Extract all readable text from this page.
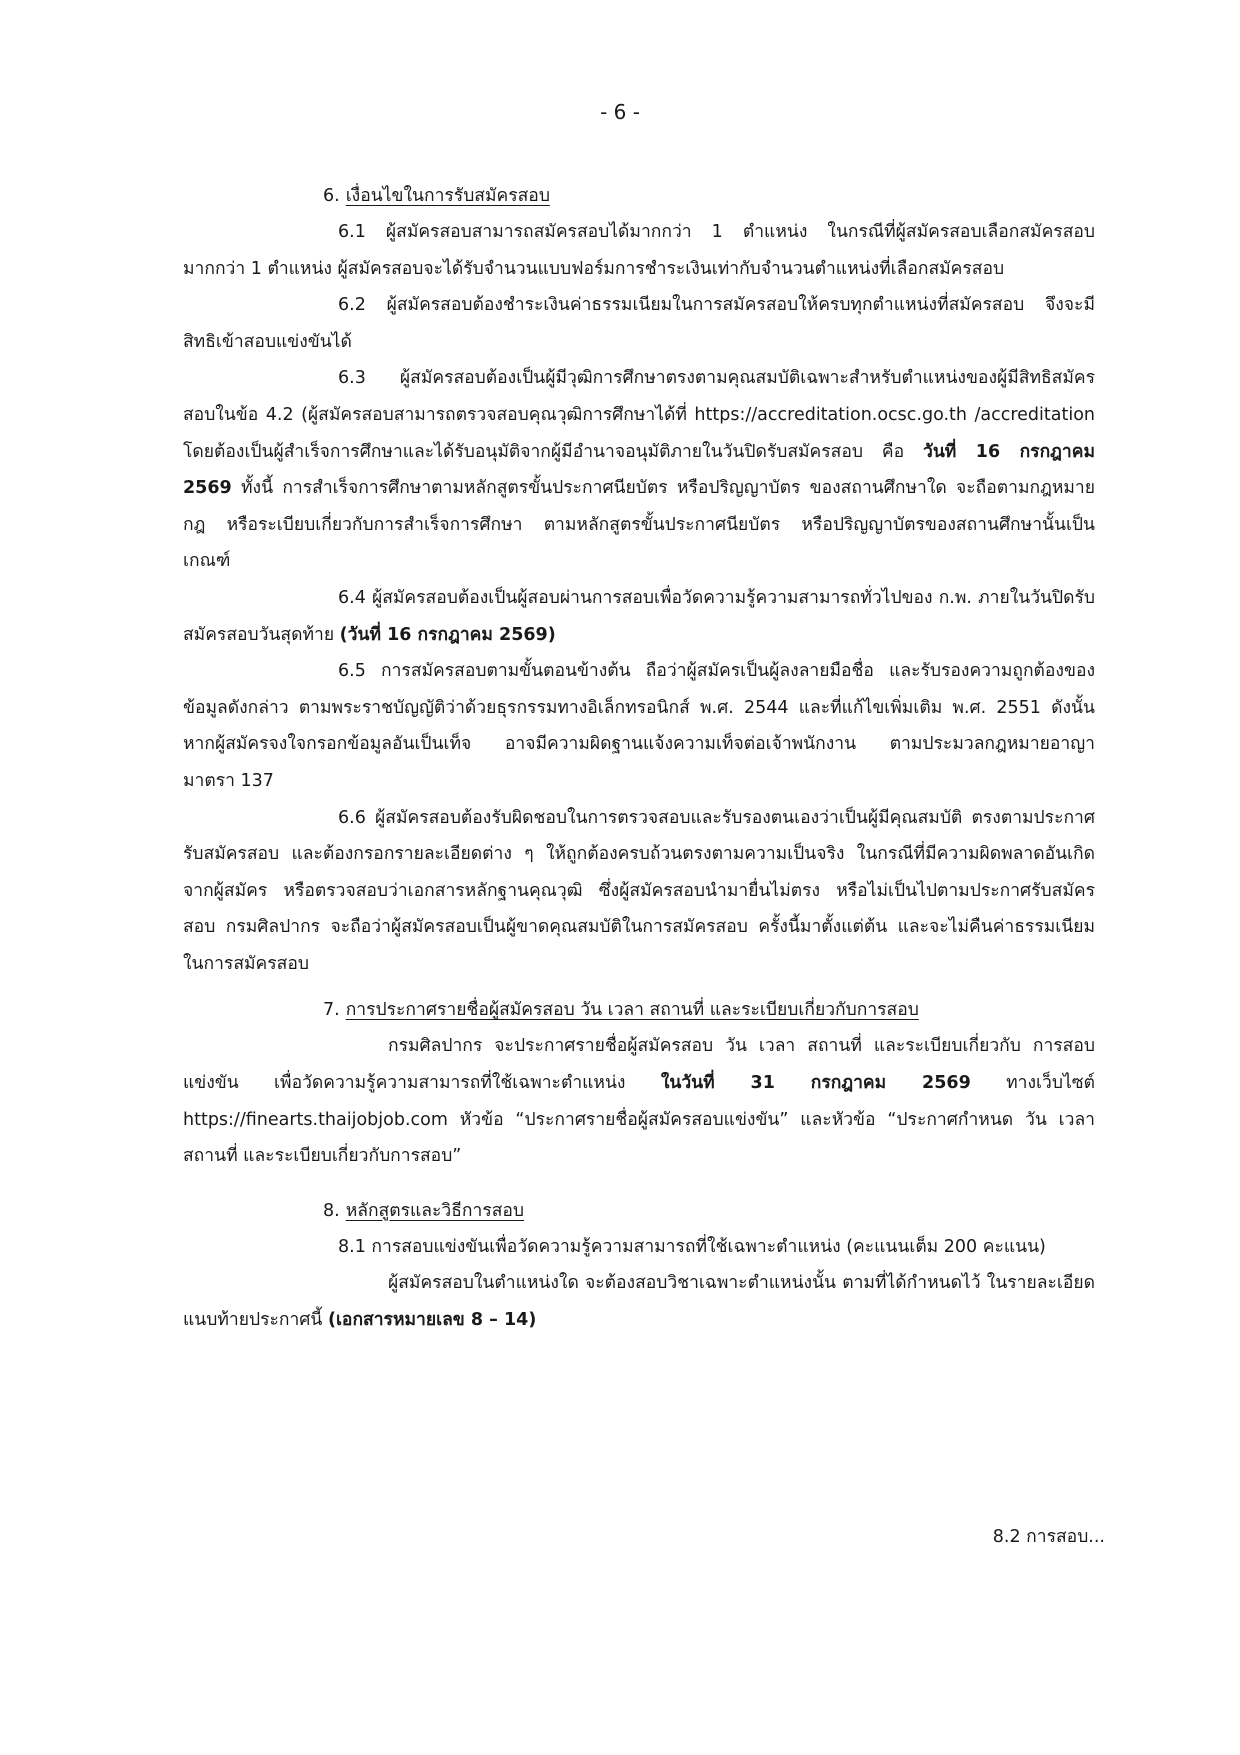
- 6 -
6. เงื่อนไขในการรับสมัครสอบ

6.1 ผู้สมัครสอบสามารถสมัครสอบได้มากกว่า 1 ตำแหน่ง ในกรณีที่ผู้สมัครสอบเลือกสมัครสอบมากกว่า 1 ตำแหน่ง ผู้สมัครสอบจะได้รับจำนวนแบบฟอร์มการชำระเงินเท่ากับจำนวนตำแหน่งที่เลือกสมัครสอบ

6.2 ผู้สมัครสอบต้องชำระเงินค่าธรรมเนียมในการสมัครสอบให้ครบทุกตำแหน่งที่สมัครสอบ จึงจะมีสิทธิเข้าสอบแข่งขันได้

6.3 ผู้สมัครสอบต้องเป็นผู้มีวุฒิการศึกษาตรงตามคุณสมบัติเฉพาะสำหรับตำแหน่งของผู้มีสิทธิสมัครสอบในข้อ 4.2 (ผู้สมัครสอบสามารถตรวจสอบคุณวุฒิการศึกษาได้ที่ https://accreditation.ocsc.go.th /accreditation โดยต้องเป็นผู้สำเร็จการศึกษาและได้รับอนุมัติจากผู้มีอำนาจอนุมัติภายในวันปิดรับสมัครสอบ คือ วันที่ 16 กรกฎาคม 2569 ทั้งนี้ การสำเร็จการศึกษาตามหลักสูตรขั้นประกาศนียบัตร หรือปริญญาบัตร ของสถานศึกษาใด จะถือตามกฎหมาย กฎ หรือระเบียบเกี่ยวกับการสำเร็จการศึกษา ตามหลักสูตรขั้นประกาศนียบัตร หรือปริญญาบัตรของสถานศึกษานั้นเป็นเกณฑ์

6.4 ผู้สมัครสอบต้องเป็นผู้สอบผ่านการสอบเพื่อวัดความรู้ความสามารถทั่วไปของ ก.พ. ภายในวันปิดรับสมัครสอบวันสุดท้าย (วันที่ 16 กรกฎาคม 2569)

6.5 การสมัครสอบตามขั้นตอนข้างต้น ถือว่าผู้สมัครเป็นผู้ลงลายมือชื่อ และรับรองความถูกต้องของข้อมูลดังกล่าว ตามพระราชบัญญัติว่าด้วยธุรกรรมทางอิเล็กทรอนิกส์ พ.ศ. 2544 และที่แก้ไขเพิ่มเติม พ.ศ. 2551 ดังนั้น หากผู้สมัครจงใจกรอกข้อมูลอันเป็นเท็จ อาจมีความผิดฐานแจ้งความเท็จต่อเจ้าพนักงาน ตามประมวลกฎหมายอาญา มาตรา 137

6.6 ผู้สมัครสอบต้องรับผิดชอบในการตรวจสอบและรับรองตนเองว่าเป็นผู้มีคุณสมบัติ ตรงตามประกาศรับสมัครสอบ และต้องกรอกรายละเอียดต่าง ๆ ให้ถูกต้องครบถ้วนตรงตามความเป็นจริง ในกรณีที่มีความผิดพลาดอันเกิดจากผู้สมัคร หรือตรวจสอบว่าเอกสารหลักฐานคุณวุฒิ ซึ่งผู้สมัครสอบนำมายื่นไม่ตรง หรือไม่เป็นไปตามประกาศรับสมัครสอบ กรมศิลปากร จะถือว่าผู้สมัครสอบเป็นผู้ขาดคุณสมบัติในการสมัครสอบ ครั้งนี้มาตั้งแต่ต้น และจะไม่คืนค่าธรรมเนียมในการสมัครสอบ

7. การประกาศรายชื่อผู้สมัครสอบ วัน เวลา สถานที่ และระเบียบเกี่ยวกับการสอบ

กรมศิลปากร จะประกาศรายชื่อผู้สมัครสอบ วัน เวลา สถานที่ และระเบียบเกี่ยวกับ การสอบแข่งขัน เพื่อวัดความรู้ความสามารถที่ใช้เฉพาะตำแหน่ง ในวันที่ 31 กรกฎาคม 2569 ทางเว็บไซต์ https://finearts.thaijobjob.com หัวข้อ “ประกาศรายชื่อผู้สมัครสอบแข่งขัน” และหัวข้อ “ประกาศกำหนด วัน เวลา สถานที่ และระเบียบเกี่ยวกับการสอบ”

8. หลักสูตรและวิธีการสอบ

8.1 การสอบแข่งขันเพื่อวัดความรู้ความสามารถที่ใช้เฉพาะตำแหน่ง (คะแนนเต็ม 200 คะแนน)

ผู้สมัครสอบในตำแหน่งใด จะต้องสอบวิชาเฉพาะตำแหน่งนั้น ตามที่ได้กำหนดไว้ ในรายละเอียดแนบท้ายประกาศนี้ (เอกสารหมายเลข 8 – 14)

8.2 การสอบ...
